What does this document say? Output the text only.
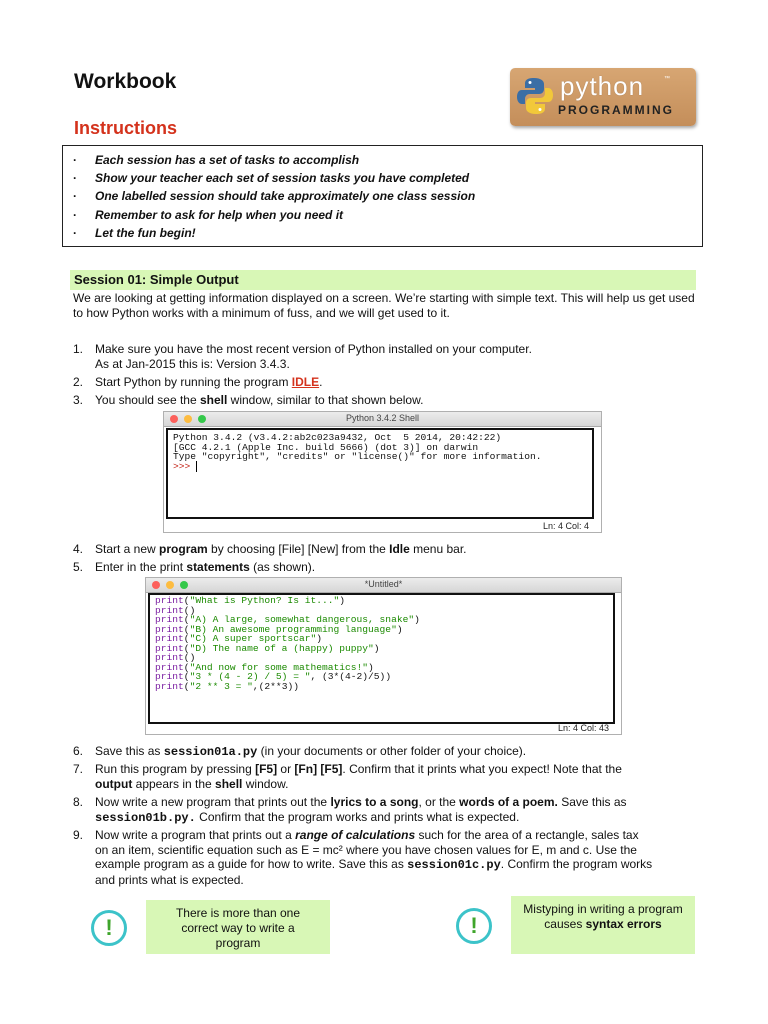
Workbook	python	™
PROGRAMMING
Instructions
· Each session has a set of tasks to accomplish
· Show your teacher each set of session tasks you have completed
· One labelled session should take approximately one class session
· Remember to ask for help when you need it
· Let the fun begin!
Session 01: Simple Output
We are looking at getting information displayed on a screen. We’re starting with simple text. This will help us get used to how Python works with a minimum of fuss, and we will get used to it.
1. Make sure you have the most recent version of Python installed on your computer.
As at Jan-2015 this is: Version 3.4.3.
2. Start Python by running the program IDLE.
3. You should see the shell window, similar to that shown below.
Python 3.4.2 Shell
Python 3.4.2 (v3.4.2:ab2c023a9432, Oct  5 2014, 20:42:22)
[GCC 4.2.1 (Apple Inc. build 5666) (dot 3)] on darwin
Type "copyright", "credits" or "license()" for more information.
>>>
Ln: 4 Col: 4
4. Start a new program by choosing [File] [New] from the Idle menu bar.
5. Enter in the print statements (as shown).
*Untitled*
print("What is Python? Is it...")
print()
print("A) A large, somewhat dangerous, snake")
print("B) An awesome programming language")
print("C) A super sportscar")
print("D) The name of a (happy) puppy")
print()
print("And now for some mathematics!")
print("3 * (4 - 2) / 5) = ", (3*(4-2)/5))
print("2 ** 3 = ",(2**3))
Ln: 4 Col: 43
6. Save this as session01a.py (in your documents or other folder of your choice).
7. Run this program by pressing [F5] or [Fn] [F5]. Confirm that it prints what you expect! Note that the
output appears in the shell window.
8. Now write a new program that prints out the lyrics to a song, or the words of a poem. Save this as
session01b.py. Confirm that the program works and prints what is expected.
9. Now write a program that prints out a range of calculations such for the area of a rectangle, sales tax
on an item, scientific equation such as E = mc² where you have chosen values for E, m and c. Use the
example program as a guide for how to write. Save this as session01c.py. Confirm the program works
and prints what is expected.
!
There is more than one correct way to write a program
!
Mistyping in writing a program
causes syntax errors
